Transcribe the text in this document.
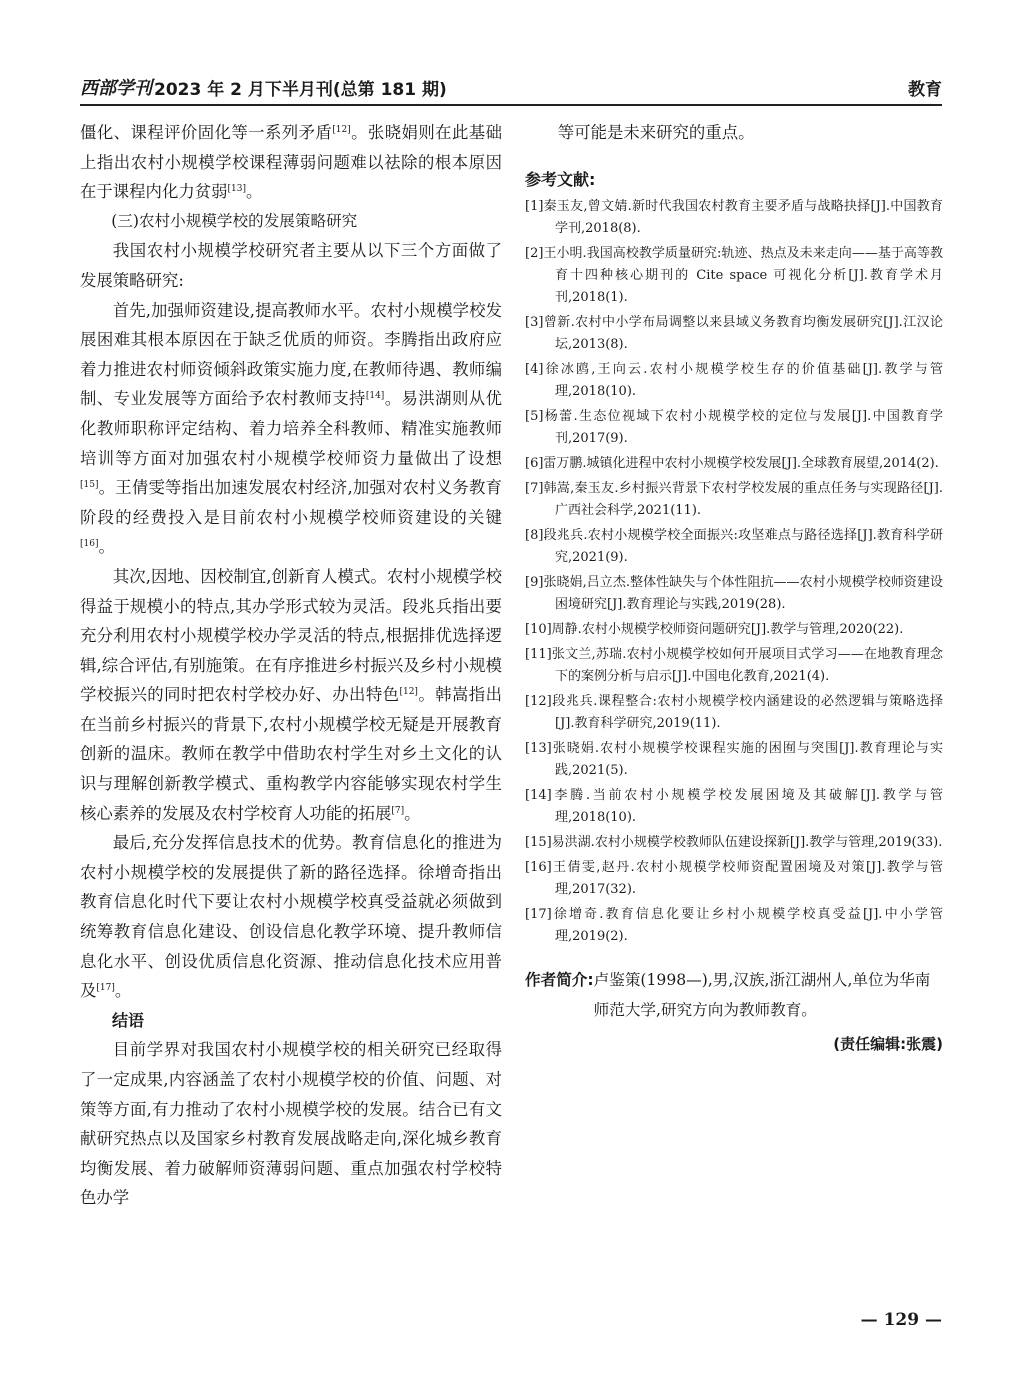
西部学刊 2023 年 2 月下半月刊(总第 181 期)	教育

僵化、课程评价固化等一系列矛盾[12]。张晓娟则在此基础上指出农村小规模学校课程薄弱问题难以祛除的根本原因在于课程内化力贫弱[13]。

(三)农村小规模学校的发展策略研究

我国农村小规模学校研究者主要从以下三个方面做了发展策略研究:

首先,加强师资建设,提高教师水平。农村小规模学校发展困难其根本原因在于缺乏优质的师资。李腾指出政府应着力推进农村师资倾斜政策实施力度,在教师待遇、教师编制、专业发展等方面给予农村教师支持[14]。易洪湖则从优化教师职称评定结构、着力培养全科教师、精准实施教师培训等方面对加强农村小规模学校师资力量做出了设想[15]。王倩雯等指出加速发展农村经济,加强对农村义务教育阶段的经费投入是目前农村小规模学校师资建设的关键[16]。

其次,因地、因校制宜,创新育人模式。农村小规模学校得益于规模小的特点,其办学形式较为灵活。段兆兵指出要充分利用农村小规模学校办学灵活的特点,根据排优选择逻辑,综合评估,有别施策。在有序推进乡村振兴及乡村小规模学校振兴的同时把农村学校办好、办出特色[12]。韩嵩指出在当前乡村振兴的背景下,农村小规模学校无疑是开展教育创新的温床。教师在教学中借助农村学生对乡土文化的认识与理解创新教学模式、重构教学内容能够实现农村学生核心素养的发展及农村学校育人功能的拓展[7]。

最后,充分发挥信息技术的优势。教育信息化的推进为农村小规模学校的发展提供了新的路径选择。徐增奇指出教育信息化时代下要让农村小规模学校真受益就必须做到统筹教育信息化建设、创设信息化教学环境、提升教师信息化水平、创设优质信息化资源、推动信息化技术应用普及[17]。

结语

目前学界对我国农村小规模学校的相关研究已经取得了一定成果,内容涵盖了农村小规模学校的价值、问题、对策等方面,有力推动了农村小规模学校的发展。结合已有文献研究热点以及国家乡村教育发展战略走向,深化城乡教育均衡发展、着力破解师资薄弱问题、重点加强农村学校特色办学

等可能是未来研究的重点。

参考文献:

[1]秦玉友,曾文婧.新时代我国农村教育主要矛盾与战略抉择[J].中国教育学刊,2018(8).

[2]王小明.我国高校教学质量研究:轨迹、热点及未来走向——基于高等教育十四种核心期刊的 Cite space 可视化分析[J].教育学术月刊,2018(1).

[3]曾新.农村中小学布局调整以来县域义务教育均衡发展研究[J].江汉论坛,2013(8).

[4]徐冰鸥,王向云.农村小规模学校生存的价值基础[J].教学与管理,2018(10).

[5]杨蕾.生态位视域下农村小规模学校的定位与发展[J].中国教育学刊,2017(9).

[6]雷万鹏.城镇化进程中农村小规模学校发展[J].全球教育展望,2014(2).

[7]韩嵩,秦玉友.乡村振兴背景下农村学校发展的重点任务与实现路径[J].广西社会科学,2021(11).

[8]段兆兵.农村小规模学校全面振兴:攻坚难点与路径选择[J].教育科学研究,2021(9).

[9]张晓娟,吕立杰.整体性缺失与个体性阻抗——农村小规模学校师资建设困境研究[J].教育理论与实践,2019(28).

[10]周静.农村小规模学校师资问题研究[J].教学与管理,2020(22).

[11]张文兰,苏瑞.农村小规模学校如何开展项目式学习——在地教育理念下的案例分析与启示[J].中国电化教育,2021(4).

[12]段兆兵.课程整合:农村小规模学校内涵建设的必然逻辑与策略选择[J].教育科学研究,2019(11).

[13]张晓娟.农村小规模学校课程实施的困囿与突围[J].教育理论与实践,2021(5).

[14]李腾.当前农村小规模学校发展困境及其破解[J].教学与管理,2018(10).

[15]易洪湖.农村小规模学校教师队伍建设探新[J].教学与管理,2019(33).

[16]王倩雯,赵丹.农村小规模学校师资配置困境及对策[J].教学与管理,2017(32).

[17]徐增奇.教育信息化要让乡村小规模学校真受益[J].中小学管理,2019(2).

作者简介: 卢鉴策(1998—),男,汉族,浙江湖州人,单位为华南师范大学,研究方向为教师教育。
(责任编辑:张震)
— 129 —
